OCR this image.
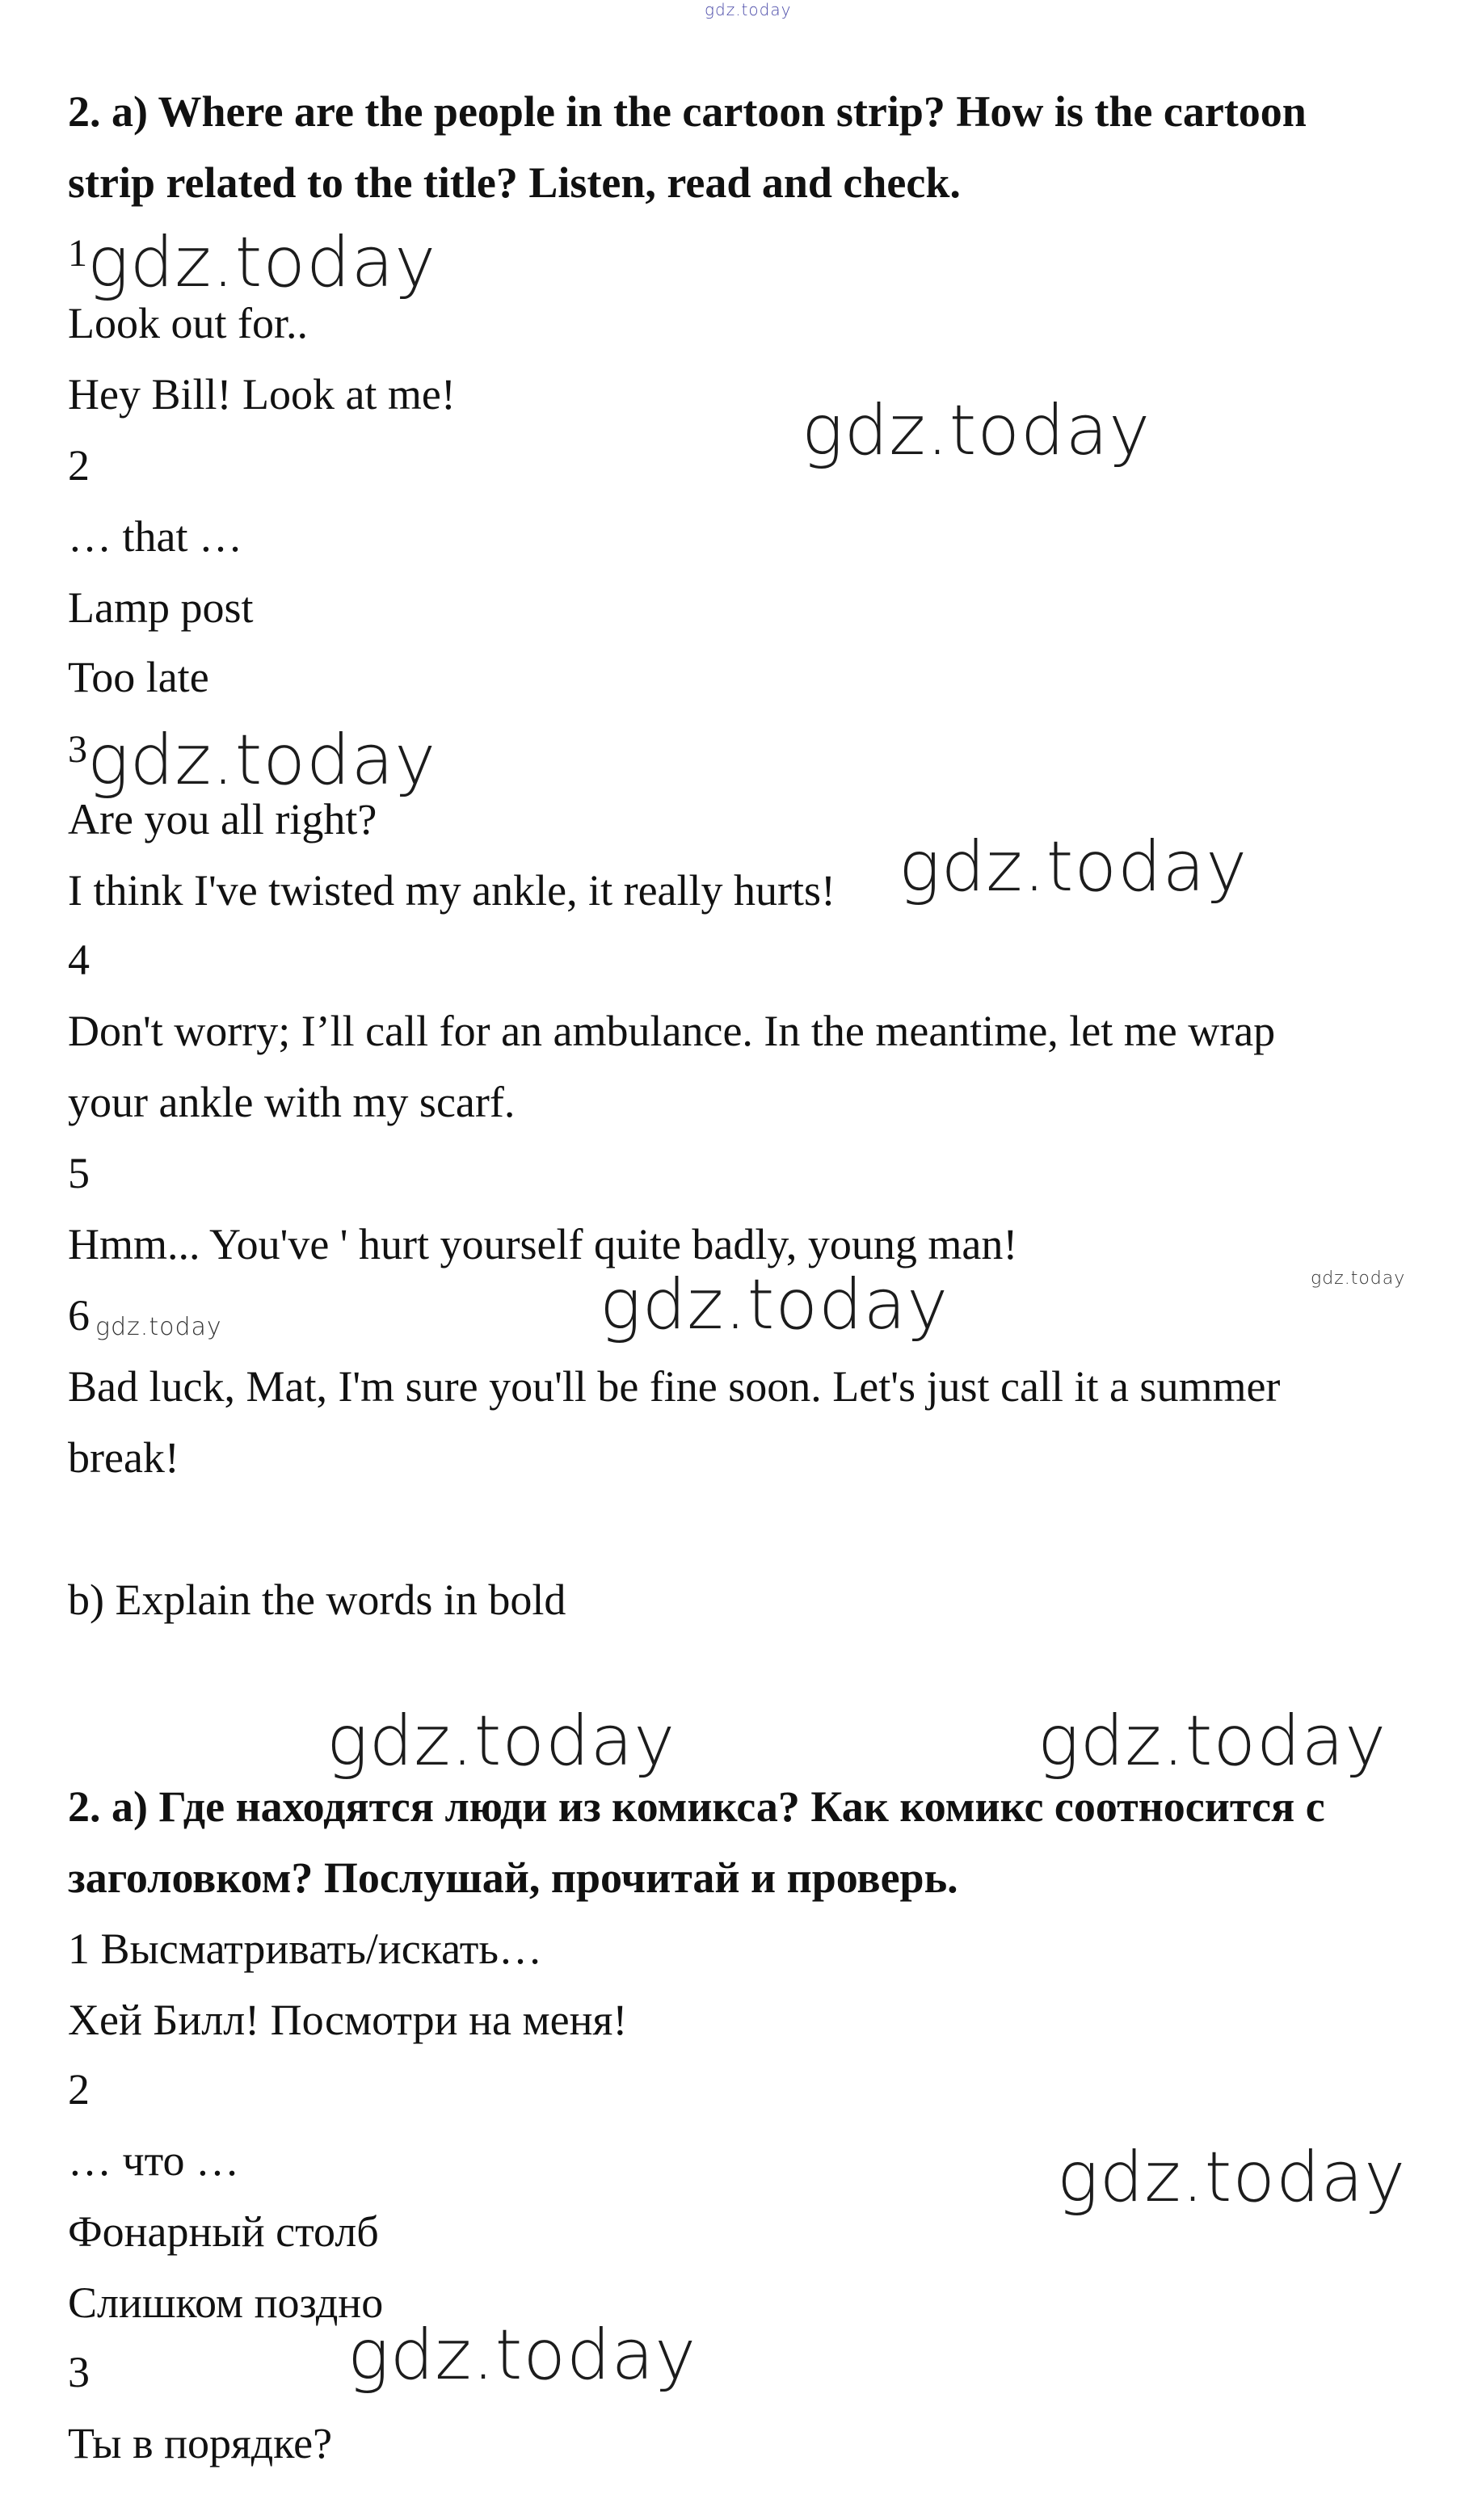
gdz.today
2. a) Where are the people in the cartoon strip? How is the cartoon
strip related to the title? Listen, read and check.
1 gdz.today
Look out for..
Hey Bill! Look at me!	gdz.today
2
… that …
Lamp post
Too late
3 gdz.today
Are you all right?
I think I've twisted my ankle, it really hurts! gdz.today
4
Don't worry; I’ll call for an ambulance. In the meantime, let me wrap
your ankle with my scarf.
5
Hmm... You've ' hurt yourself quite badly, young man!
gdz.today
6 gdz.today	gdz.today
Bad luck, Mat, I'm sure you'll be fine soon. Let's just call it a summer
break!
b) Explain the words in bold
gdz.today	gdz.today
2. а) Где находятся люди из комикса? Как комикс соотносится с
заголовком? Послушай, прочитай и проверь.
1 Высматривать/искать…
Хей Билл! Посмотри на меня!
2
… что …	gdz.today
Фонарный столб
Слишком поздно
gdz.today
3
Ты в порядке?
